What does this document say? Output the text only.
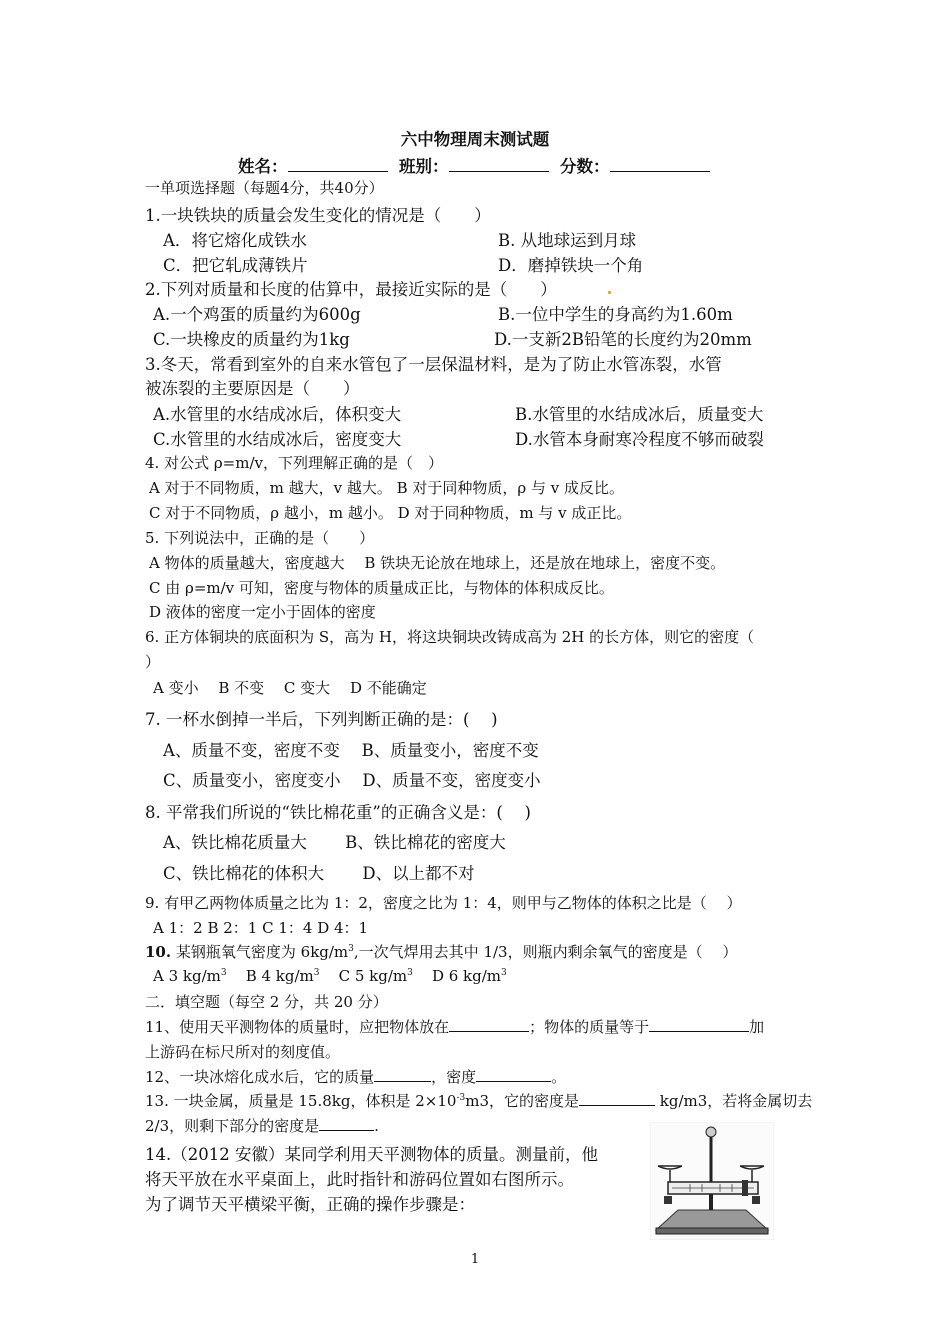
六中物理周末测试题
姓名：	班别：	分数：
一单项选择题（每题4分，共40分）
1.一块铁块的质量会发生变化的情况是（　　）
A．将它熔化成铁水	B. 从地球运到月球
C．把它轧成薄铁片	D．磨掉铁块一个角
2.下列对质量和长度的估算中，最接近实际的是（　　）
A.一个鸡蛋的质量约为600g	B.一位中学生的身高约为1.60m
C.一块橡皮的质量约为1kg	D.一支新2B铅笔的长度约为20mm
3.冬天，常看到室外的自来水管包了一层保温材料，是为了防止水管冻裂，水管
被冻裂的主要原因是（　　）
A.水管里的水结成冰后，体积变大	B.水管里的水结成冰后，质量变大
C.水管里的水结成冰后，密度变大	D.水管本身耐寒冷程度不够而破裂
4. 对公式 ρ=m/v，下列理解正确的是（　）
A 对于不同物质，m 越大，v 越大。 B 对于同种物质，ρ 与 v 成反比。
C 对于不同物质，ρ 越小，m 越小。 D 对于同种物质，m 与 v 成正比。
5. 下列说法中，正确的是（　　）
A 物体的质量越大，密度越大　 B 铁块无论放在地球上，还是放在地球上，密度不变。
C 由 ρ=m/v 可知，密度与物体的质量成正比，与物体的体积成反比。
D 液体的密度一定小于固体的密度
6. 正方体铜块的底面积为 S，高为 H，将这块铜块改铸成高为 2H 的长方体，则它的密度（
）
A 变小　 B 不变　 C 变大　 D 不能确定
7. 一杯水倒掉一半后，下列判断正确的是：(　 )
A、质量不变，密度不变　 B、质量变小，密度不变
C、质量变小，密度变小　 D、质量不变，密度变小
8. 平常我们所说的“铁比棉花重”的正确含义是：(　 )
A、铁比棉花质量大　　 B、铁比棉花的密度大
C、铁比棉花的体积大　　 D、以上都不对
9. 有甲乙两物体质量之比为 1：2，密度之比为 1：4，则甲与乙物体的体积之比是（　 ）
A 1：2 B 2：1 C 1：4 D 4：1
10. 某钢瓶氧气密度为 $6kg/m^3$,一次气焊用去其中 1/3，则瓶内剩余氧气的密度是（　 ）
A 3 $kg/m^3$ B 4 $kg/m^3$ C 5 $kg/m^3$ D 6 $kg/m^3$
二．填空题（每空 2 分，共 20 分）
11、使用天平测物体的质量时，应把物体放在	；物体的质量等于	加
上游码在标尺所对的刻度值。
12、一块冰熔化成水后，它的质量	，密度	。
13. 一块金属，质量是 15.8kg，体积是 $2\times 10^{-3}m3$，它的密度是	kg/m3，若将金属切去
2/3，则剩下部分的密度是	.
14.（2012 安徽）某同学利用天平测物体的质量。测量前，他
将天平放在水平桌面上，此时指针和游码位置如右图所示。
为了调节天平横梁平衡，正确的操作步骤是：
1
